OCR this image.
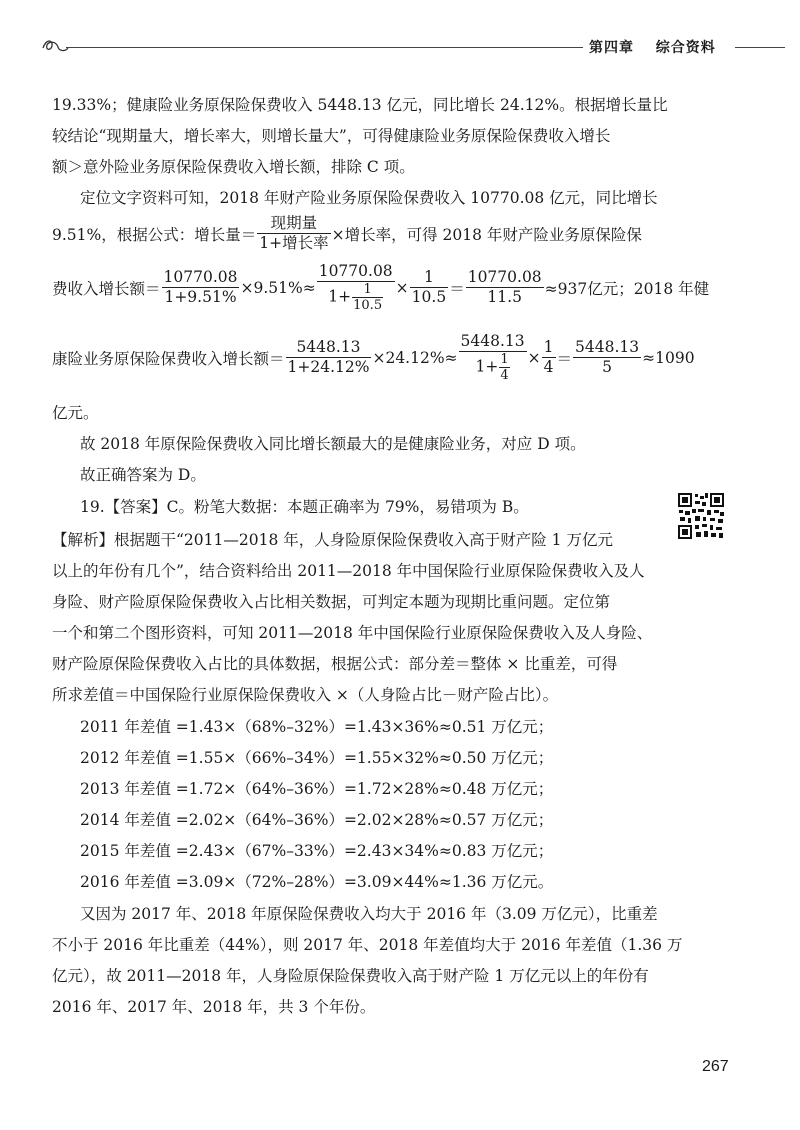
第四章 综合资料
19.33%；健康险业务原保险保费收入 5448.13 亿元，同比增长 24.12%。根据增长量比
较结论“现期量大，增长率大，则增长量大”，可得健康险业务原保险保费收入增长
额＞意外险业务原保险保费收入增长额，排除 C 项。
定位文字资料可知，2018 年财产险业务原保险保费收入 10770.08 亿元，同比增长
9.51%，根据公式：增长量＝ $\frac{\text{现期量}}{\text{1+增长率}}$ ×增长率，可得 2018 年财产险业务原保险保
费收入增长额＝ $\frac{10770.08}{1+9.51\%} \times 9.51\%\approx \frac{10770.08}{1+ \frac{1}{10.5}} \times \frac{1}{10.5} = \frac{10770.08}{11.5} \approx 937$亿元；2018 年健
康险业务原保险保费收入增长额＝ $\frac{5448.13}{1+24.12\%} \times 24.12\%\approx \frac{5448.13}{1+ \frac{1}{4}} \times \frac{1}{4} = \frac{5448.13}{5} \approx 1090$
亿元。
故 2018 年原保险保费收入同比增长额最大的是健康险业务，对应 D 项。
故正确答案为 D。
19.【答案】C。粉笔大数据：本题正确率为 79%，易错项为 B。
【解析】根据题干“2011—2018 年，人身险原保险保费收入高于财产险 1 万亿元
以上的年份有几个”，结合资料给出 2011—2018 年中国保险行业原保险保费收入及人
身险、财产险原保险保费收入占比相关数据，可判定本题为现期比重问题。定位第
一个和第二个图形资料，可知 2011—2018 年中国保险行业原保险保费收入及人身险、
财产险原保险保费收入占比的具体数据，根据公式：部分差＝整体 × 比重差，可得
所求差值＝中国保险行业原保险保费收入 ×（人身险占比－财产险占比）。
2011 年差值 =1.43×（68%–32%）=1.43×36%≈0.51 万亿元；
2012 年差值 =1.55×（66%–34%）=1.55×32%≈0.50 万亿元；
2013 年差值 =1.72×（64%–36%）=1.72×28%≈0.48 万亿元；
2014 年差值 =2.02×（64%–36%）=2.02×28%≈0.57 万亿元；
2015 年差值 =2.43×（67%–33%）=2.43×34%≈0.83 万亿元；
2016 年差值 =3.09×（72%–28%）=3.09×44%≈1.36 万亿元。
又因为 2017 年、2018 年原保险保费收入均大于 2016 年（3.09 万亿元），比重差
不小于 2016 年比重差（44%），则 2017 年、2018 年差值均大于 2016 年差值（1.36 万
亿元），故 2011—2018 年，人身险原保险保费收入高于财产险 1 万亿元以上的年份有
2016 年、2017 年、2018 年，共 3 个年份。
267
